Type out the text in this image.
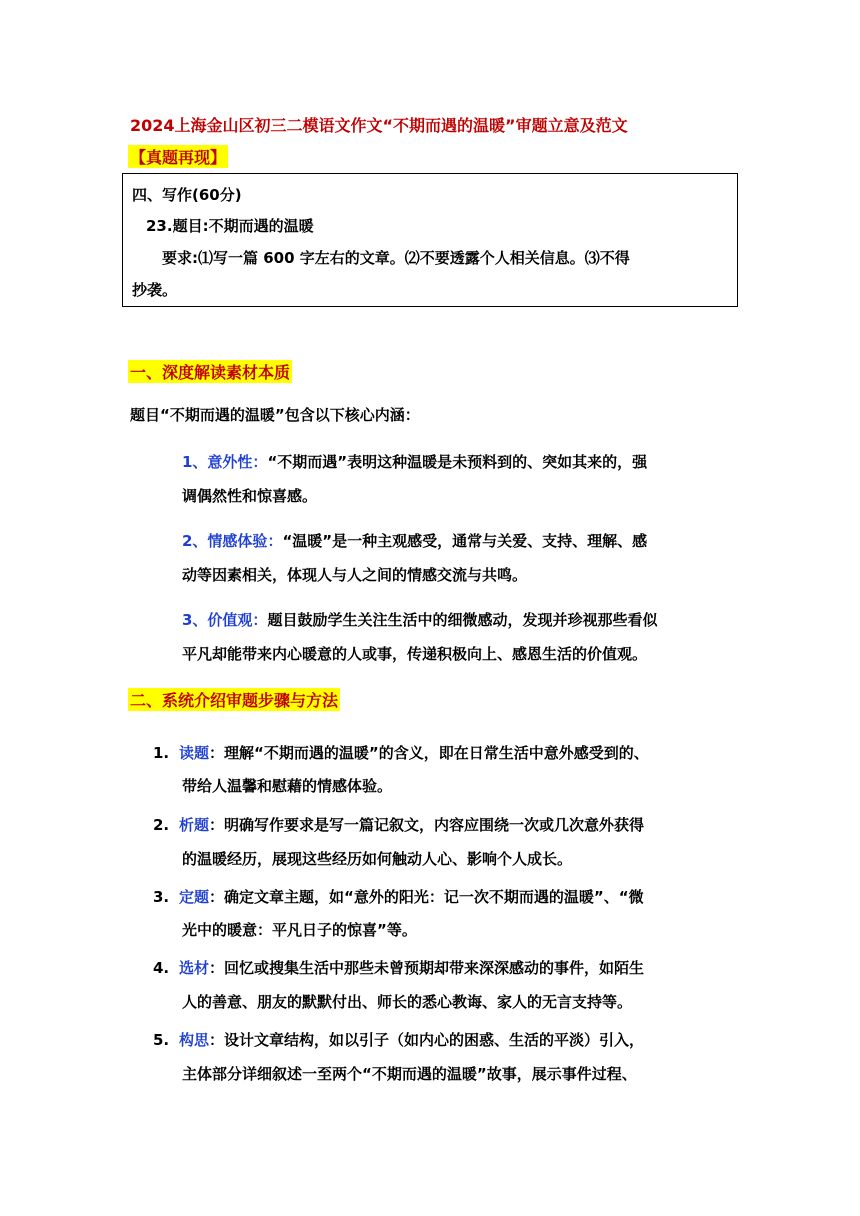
2024上海金山区初三二模语文作文“不期而遇的温暖”审题立意及范文
【真题再现】
四、写作(60分)
23.题目:不期而遇的温暖
要求:⑴写一篇 600 字左右的文章。⑵不要透露个人相关信息。⑶不得
抄袭。
一、深度解读素材本质
题目“不期而遇的温暖”包含以下核心内涵：
1、意外性：“不期而遇”表明这种温暖是未预料到的、突如其来的，强
调偶然性和惊喜感。
2、情感体验：“温暖”是一种主观感受，通常与关爱、支持、理解、感
动等因素相关，体现人与人之间的情感交流与共鸣。
3、价值观：题目鼓励学生关注生活中的细微感动，发现并珍视那些看似
平凡却能带来内心暖意的人或事，传递积极向上、感恩生活的价值观。
二、系统介绍审题步骤与方法
1. 读题：理解“不期而遇的温暖”的含义，即在日常生活中意外感受到的、
带给人温馨和慰藉的情感体验。
2. 析题：明确写作要求是写一篇记叙文，内容应围绕一次或几次意外获得
的温暖经历，展现这些经历如何触动人心、影响个人成长。
3. 定题：确定文章主题，如“意外的阳光：记一次不期而遇的温暖”、“微
光中的暖意：平凡日子的惊喜”等。
4. 选材：回忆或搜集生活中那些未曾预期却带来深深感动的事件，如陌生
人的善意、朋友的默默付出、师长的悉心教诲、家人的无言支持等。
5. 构思：设计文章结构，如以引子（如内心的困惑、生活的平淡）引入，
主体部分详细叙述一至两个“不期而遇的温暖”故事，展示事件过程、
